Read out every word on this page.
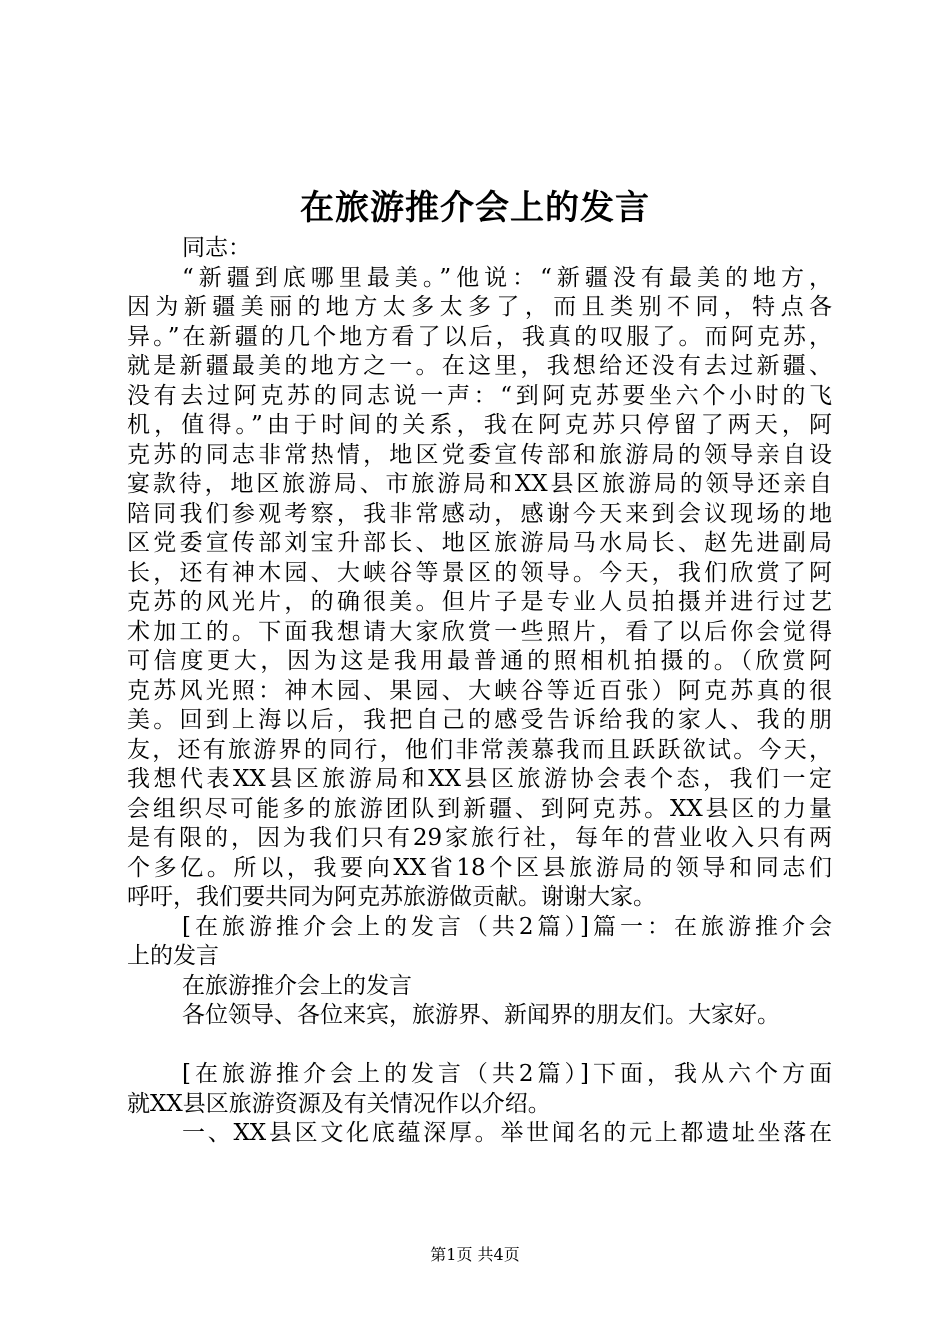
在旅游推介会上的发言
同志：
“新疆到底哪里最美。”他说：“新疆没有最美的地方，
因为新疆美丽的地方太多太多了，而且类别不同，特点各
异。”在新疆的几个地方看了以后，我真的叹服了。而阿克苏，
就是新疆最美的地方之一。在这里，我想给还没有去过新疆、
没有去过阿克苏的同志说一声：“到阿克苏要坐六个小时的飞
机，值得。”由于时间的关系，我在阿克苏只停留了两天，阿
克苏的同志非常热情，地区党委宣传部和旅游局的领导亲自设
宴款待，地区旅游局、市旅游局和XX县区旅游局的领导还亲自
陪同我们参观考察，我非常感动，感谢今天来到会议现场的地
区党委宣传部刘宝升部长、地区旅游局马水局长、赵先进副局
长，还有神木园、大峡谷等景区的领导。今天，我们欣赏了阿
克苏的风光片，的确很美。但片子是专业人员拍摄并进行过艺
术加工的。下面我想请大家欣赏一些照片，看了以后你会觉得
可信度更大，因为这是我用最普通的照相机拍摄的。（欣赏阿
克苏风光照：神木园、果园、大峡谷等近百张）阿克苏真的很
美。回到上海以后，我把自己的感受告诉给我的家人、我的朋
友，还有旅游界的同行，他们非常羡慕我而且跃跃欲试。今天，
我想代表XX县区旅游局和XX县区旅游协会表个态，我们一定
会组织尽可能多的旅游团队到新疆、到阿克苏。XX县区的力量
是有限的，因为我们只有29家旅行社，每年的营业收入只有两
个多亿。所以，我要向XX省18个区县旅游局的领导和同志们
呼吁，我们要共同为阿克苏旅游做贡献。谢谢大家。
[在旅游推介会上的发言（共2篇）]篇一：在旅游推介会
上的发言
在旅游推介会上的发言
各位领导、各位来宾，旅游界、新闻界的朋友们。大家好。
[在旅游推介会上的发言（共2篇）]下面，我从六个方面
就XX县区旅游资源及有关情况作以介绍。
一、XX县区文化底蕴深厚。举世闻名的元上都遗址坐落在
第1页 共4页
